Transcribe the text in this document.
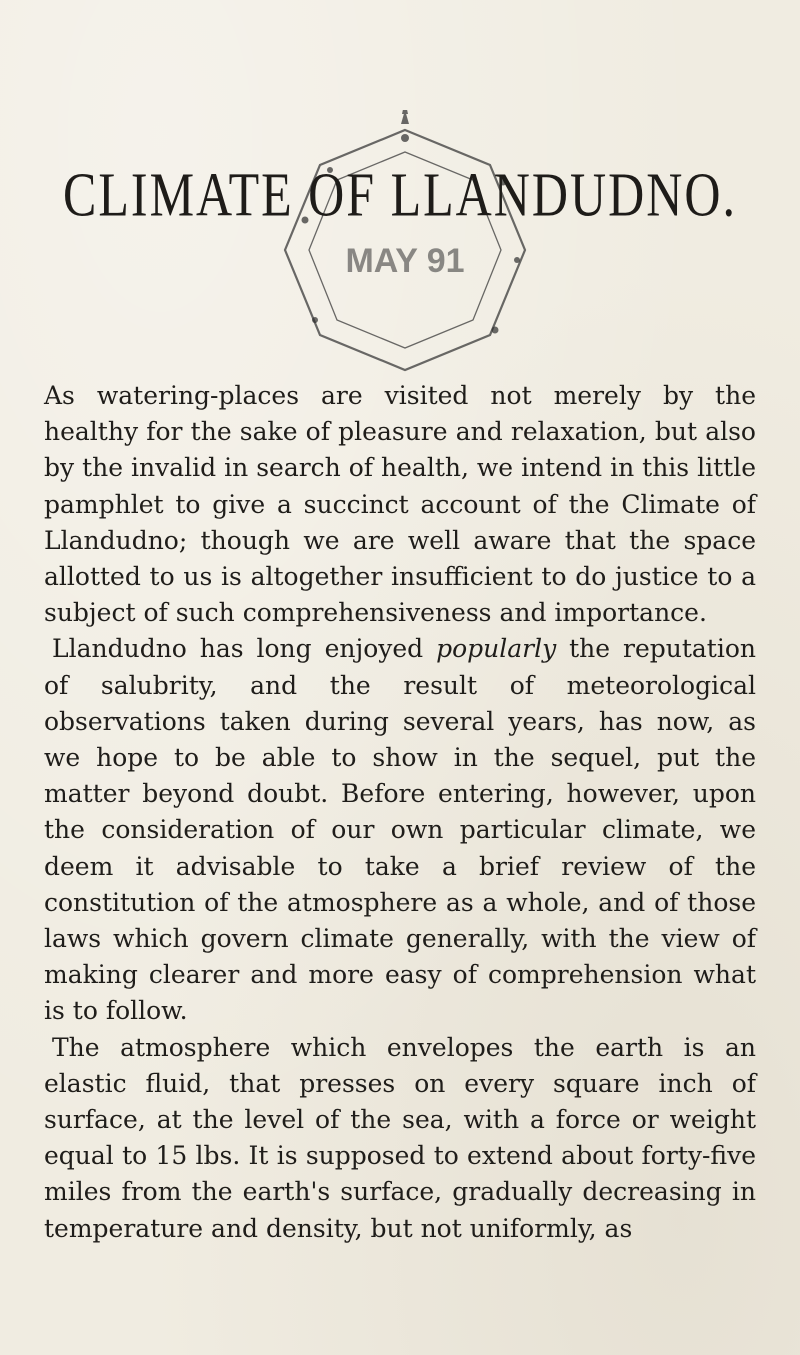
MAY 91
CLIMATE OF LLANDUDNO.

As watering-places are visited not merely by the healthy for the sake of pleasure and relaxation, but also by the invalid in search of health, we intend in this little pamphlet to give a succinct account of the Climate of Llandudno; though we are well aware that the space allotted to us is altogether insufficient to do justice to a subject of such comprehensiveness and importance.

Llandudno has long enjoyed popularly the reputation of salubrity, and the result of meteorological observations taken during several years, has now, as we hope to be able to show in the sequel, put the matter beyond doubt. Before entering, however, upon the consideration of our own particular climate, we deem it advisable to take a brief review of the constitution of the atmosphere as a whole, and of those laws which govern climate generally, with the view of making clearer and more easy of comprehension what is to follow.

The atmosphere which envelopes the earth is an elastic fluid, that presses on every square inch of surface, at the level of the sea, with a force or weight equal to 15 lbs. It is supposed to extend about forty-five miles from the earth's surface, gradually decreasing in temperature and density, but not uniformly, as
